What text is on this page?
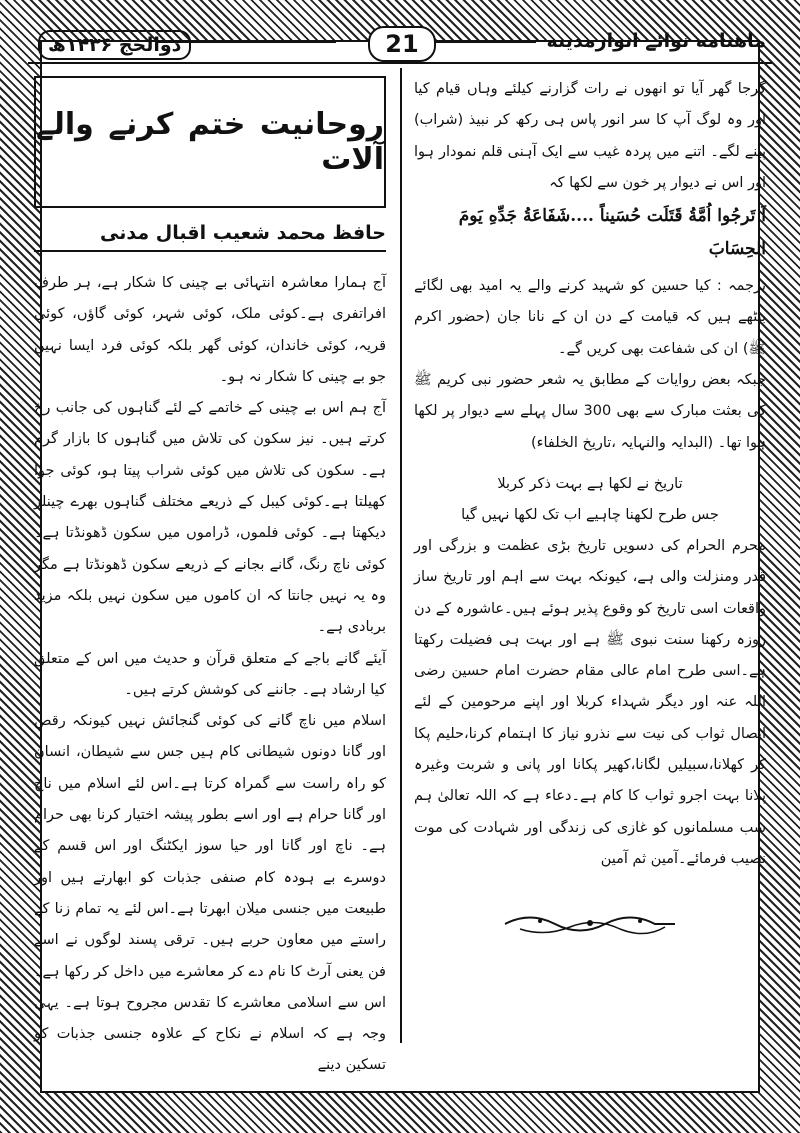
ماهنامه نوائے انوارمدینه
21
ذوالحج ۱۴۳۶ھ

گرجا گھر آیا تو انھوں نے رات گزارنے کیلئے وہاں قیام کیا اور وہ لوگ آپ کا سر انور پاس ہی رکھ کر نبیذ (شراب) پینے لگے۔ اتنے میں پردہ غیب سے ایک آہنی قلم نمودار ہوا اور اس نے دیوار پر خون سے لکھا کہ

اَ تَرجُوا اُمَّةُ قَتَلَت حُسَيناً ....شَفَاعَةُ جَدِّهِ يَومَ

الحِسَابَ

ترجمہ : کیا حسین کو شہید کرنے والے یہ امید بھی لگائے بیٹھے ہیں کہ قیامت کے دن ان کے نانا جان (حضور اکرم ﷺ) ان کی شفاعت بھی کریں گے۔

جبکہ بعض روایات کے مطابق یہ شعر حضور نبی کریم ﷺ کی بعثت مبارک سے بھی 300 سال پہلے سے دیوار پر لکھا ہوا تھا۔ (البدایہ والنہایہ ،تاریخ الخلفاء)

تاریخ نے لکھا ہے بہت ذکر کربلا

جس طرح لکھنا چاہیے اب تک لکھا نہیں گیا

محرم الحرام کی دسویں تاریخ بڑی عظمت و بزرگی اور قدر ومنزلت والی ہے، کیونکہ بہت سے اہم اور تاریخ ساز واقعات اسی تاریخ کو وقوع پذیر ہوئے ہیں۔عاشورہ کے دن روزہ رکھنا سنت نبوی ﷺ ہے اور بہت ہی فضیلت رکھتا ہے۔اسی طرح امام عالی مقام حضرت امام حسین رضی اللہ عنہ اور دیگر شہداء کربلا اور اپنے مرحومین کے لئے ایصال ثواب کی نیت سے نذرو نیاز کا اہتمام کرنا،حلیم پکا کر کھلانا،سبیلیں لگانا،کھیر پکانا اور پانی و شربت وغیرہ پلانا بہت اجرو ثواب کا کام ہے۔دعاء ہے کہ اللہ تعالیٰ ہم سب مسلمانوں کو غازی کی زندگی اور شہادت کی موت نصیب فرمائے۔آمین ثم آمین

روحانیت ختم کرنے والے آلات
حافظ محمد شعیب اقبال مدنی

آج ہمارا معاشرہ انتہائی بے چینی کا شکار ہے، ہر طرف افراتفری ہے۔کوئی ملک، کوئی شہر، کوئی گاؤں، کوئی قریہ، کوئی خاندان، کوئی گھر بلکہ کوئی فرد ایسا نہیں جو بے چینی کا شکار نہ ہو۔

آج ہم اس بے چینی کے خاتمے کے لئے گناہوں کی جانب رخ کرتے ہیں۔ نیز سکون کی تلاش میں گناہوں کا بازار گرم ہے۔ سکون کی تلاش میں کوئی شراب پیتا ہو، کوئی جوا کھیلتا ہے۔کوئی کیبل کے ذریعے مختلف گناہوں بھرے چینلز دیکھتا ہے۔ کوئی فلموں، ڈراموں میں سکون ڈھونڈتا ہے۔کوئی ناچ رنگ، گانے بجانے کے ذریعے سکون ڈھونڈتا ہے مگر وہ یہ نہیں جانتا کہ ان کاموں میں سکون نہیں بلکہ مزید بربادی ہے۔

آیئے گانے باجے کے متعلق قرآن و حدیث میں اس کے متعلق کیا ارشاد ہے۔ جاننے کی کوشش کرتے ہیں۔

اسلام میں ناچ گانے کی کوئی گنجائش نہیں کیونکہ رقص اور گانا دونوں شیطانی کام ہیں جس سے شیطان، انسان کو راہ راست سے گمراہ کرتا ہے۔اس لئے اسلام میں ناچ اور گانا حرام ہے اور اسے بطور پیشہ اختیار کرنا بھی حرام ہے۔ ناچ اور گانا اور حیا سوز ایکٹنگ اور اس قسم کے دوسرے بے ہودہ کام صنفی جذبات کو ابھارتے ہیں اور طبیعت میں جنسی میلان ابھرتا ہے۔اس لئے یہ تمام زنا کے راستے میں معاون حربے ہیں۔ ترقی پسند لوگوں نے اسے فن یعنی آرٹ کا نام دے کر معاشرے میں داخل کر رکھا ہے۔اس سے اسلامی معاشرے کا تقدس مجروح ہوتا ہے۔ یہی وجہ ہے کہ اسلام نے نکاح کے علاوہ جنسی جذبات کو تسکین دینے
